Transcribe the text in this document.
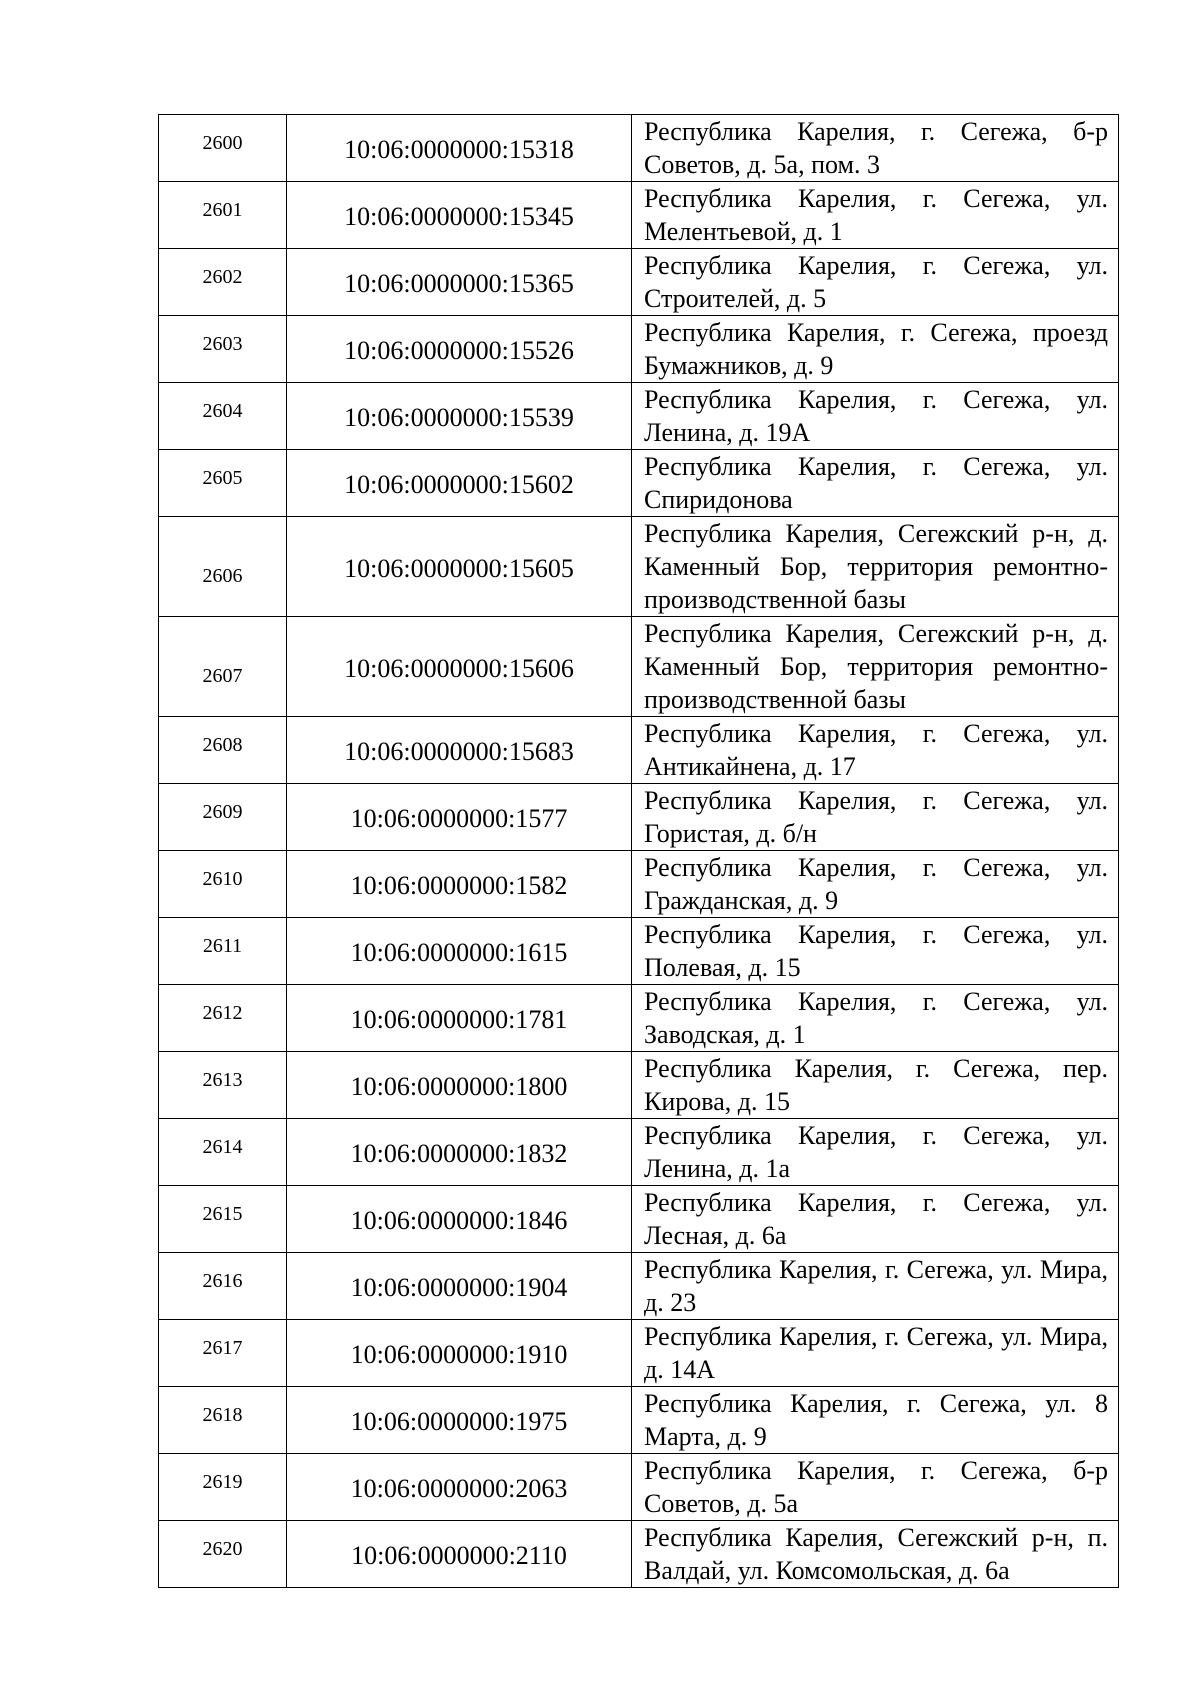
2600	10:06:0000000:15318	Республика Карелия, г. Сегежа, б-р Советов, д. 5а, пом. 3
2601	10:06:0000000:15345	Республика Карелия, г. Сегежа, ул. Мелентьевой, д. 1
2602	10:06:0000000:15365	Республика Карелия, г. Сегежа, ул. Строителей, д. 5
2603	10:06:0000000:15526	Республика Карелия, г. Сегежа, проезд Бумажников, д. 9
2604	10:06:0000000:15539	Республика Карелия, г. Сегежа, ул. Ленина, д. 19А
2605	10:06:0000000:15602	Республика Карелия, г. Сегежа, ул. Спиридонова
2606	10:06:0000000:15605	Республика Карелия, Сегежский р-н, д. Каменный Бор, территория ремонтно-производственной базы
2607	10:06:0000000:15606	Республика Карелия, Сегежский р-н, д. Каменный Бор, территория ремонтно-производственной базы
2608	10:06:0000000:15683	Республика Карелия, г. Сегежа, ул. Антикайнена, д. 17
2609	10:06:0000000:1577	Республика Карелия, г. Сегежа, ул. Гористая, д. б/н
2610	10:06:0000000:1582	Республика Карелия, г. Сегежа, ул. Гражданская, д. 9
2611	10:06:0000000:1615	Республика Карелия, г. Сегежа, ул. Полевая, д. 15
2612	10:06:0000000:1781	Республика Карелия, г. Сегежа, ул. Заводская, д. 1
2613	10:06:0000000:1800	Республика Карелия, г. Сегежа, пер. Кирова, д. 15
2614	10:06:0000000:1832	Республика Карелия, г. Сегежа, ул. Ленина, д. 1а
2615	10:06:0000000:1846	Республика Карелия, г. Сегежа, ул. Лесная, д. 6а
2616	10:06:0000000:1904	Республика Карелия, г. Сегежа, ул. Мира, д. 23
2617	10:06:0000000:1910	Республика Карелия, г. Сегежа, ул. Мира, д. 14А
2618	10:06:0000000:1975	Республика Карелия, г. Сегежа, ул. 8 Марта, д. 9
2619	10:06:0000000:2063	Республика Карелия, г. Сегежа, б-р Советов, д. 5а
2620	10:06:0000000:2110	Республика Карелия, Сегежский р-н, п. Валдай, ул. Комсомольская, д. 6а
